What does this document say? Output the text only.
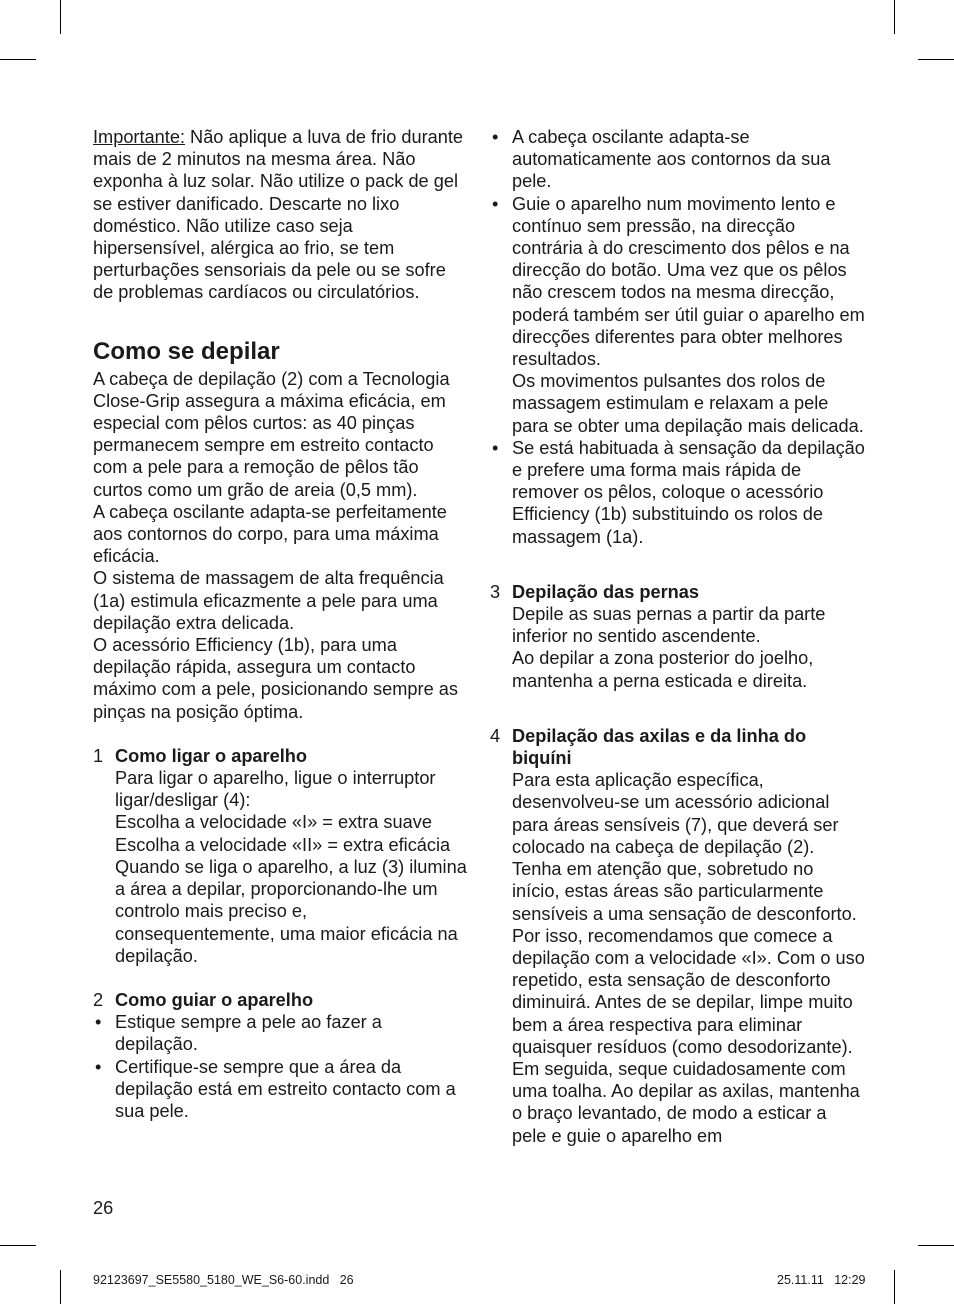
Importante: Não aplique a luva de frio durante mais de 2 minutos na mesma área. Não exponha à luz solar. Não utilize o pack de gel se estiver danificado. Descarte no lixo doméstico. Não utilize caso seja hipersensível, alérgica ao frio, se tem perturbações sensoriais da pele ou se sofre de problemas cardíacos ou circulatórios.

Como se depilar

A cabeça de depilação (2) com a Tecnologia Close-Grip assegura a máxima eficácia, em especial com pêlos curtos: as 40 pinças permanecem sempre em estreito contacto com a pele para a remoção de pêlos tão curtos como um grão de areia (0,5 mm).

A cabeça oscilante adapta-se perfeitamente aos contornos do corpo, para uma máxima eficácia.

O sistema de massagem de alta frequência (1a) estimula eficazmente a pele para uma depilação extra delicada.

O acessório Efficiency (1b), para uma depilação rápida, assegura um contacto máximo com a pele, posicionando sempre as pinças na posição óptima.

1 Como ligar o aparelho

Para ligar o aparelho, ligue o interruptor ligar/desligar (4):

Escolha a velocidade «I» = extra suave

Escolha a velocidade «II» = extra eficácia

Quando se liga o aparelho, a luz (3) ilumina a área a depilar, proporcionando-lhe um controlo mais preciso e, consequentemente, uma maior eficácia na depilação.

2 Como guiar o aparelho

• Estique sempre a pele ao fazer a depilação.

• Certifique-se sempre que a área da depilação está em estreito contacto com a sua pele.

• A cabeça oscilante adapta-se automaticamente aos contornos da sua pele.

• Guie o aparelho num movimento lento e contínuo sem pressão, na direcção contrária à do crescimento dos pêlos e na direcção do botão. Uma vez que os pêlos não crescem todos na mesma direcção, poderá também ser útil guiar o aparelho em direcções diferentes para obter melhores resultados.

Os movimentos pulsantes dos rolos de massagem estimulam e relaxam a pele para se obter uma depilação mais delicada.

• Se está habituada à sensação da depilação e prefere uma forma mais rápida de remover os pêlos, coloque o acessório Efficiency (1b) substituindo os rolos de massagem (1a).

3 Depilação das pernas

Depile as suas pernas a partir da parte inferior no sentido ascendente.

Ao depilar a zona posterior do joelho, mantenha a perna esticada e direita.

4 Depilação das axilas e da linha do biquíni

Para esta aplicação específica, desenvolveu-se um acessório adicional para áreas sensíveis (7), que deverá ser colocado na cabeça de depilação (2). Tenha em atenção que, sobretudo no início, estas áreas são particularmente sensíveis a uma sensação de desconforto. Por isso, recomendamos que comece a depilação com a velocidade «I». Com o uso repetido, esta sensação de desconforto diminuirá. Antes de se depilar, limpe muito bem a área respectiva para eliminar quaisquer resíduos (como desodorizante). Em seguida, seque cuidadosamente com uma toalha. Ao depilar as axilas, mantenha o braço levantado, de modo a esticar a pele e guie o aparelho em

26
92123697_SE5580_5180_WE_S6-60.indd   26	25.11.11   12:29
